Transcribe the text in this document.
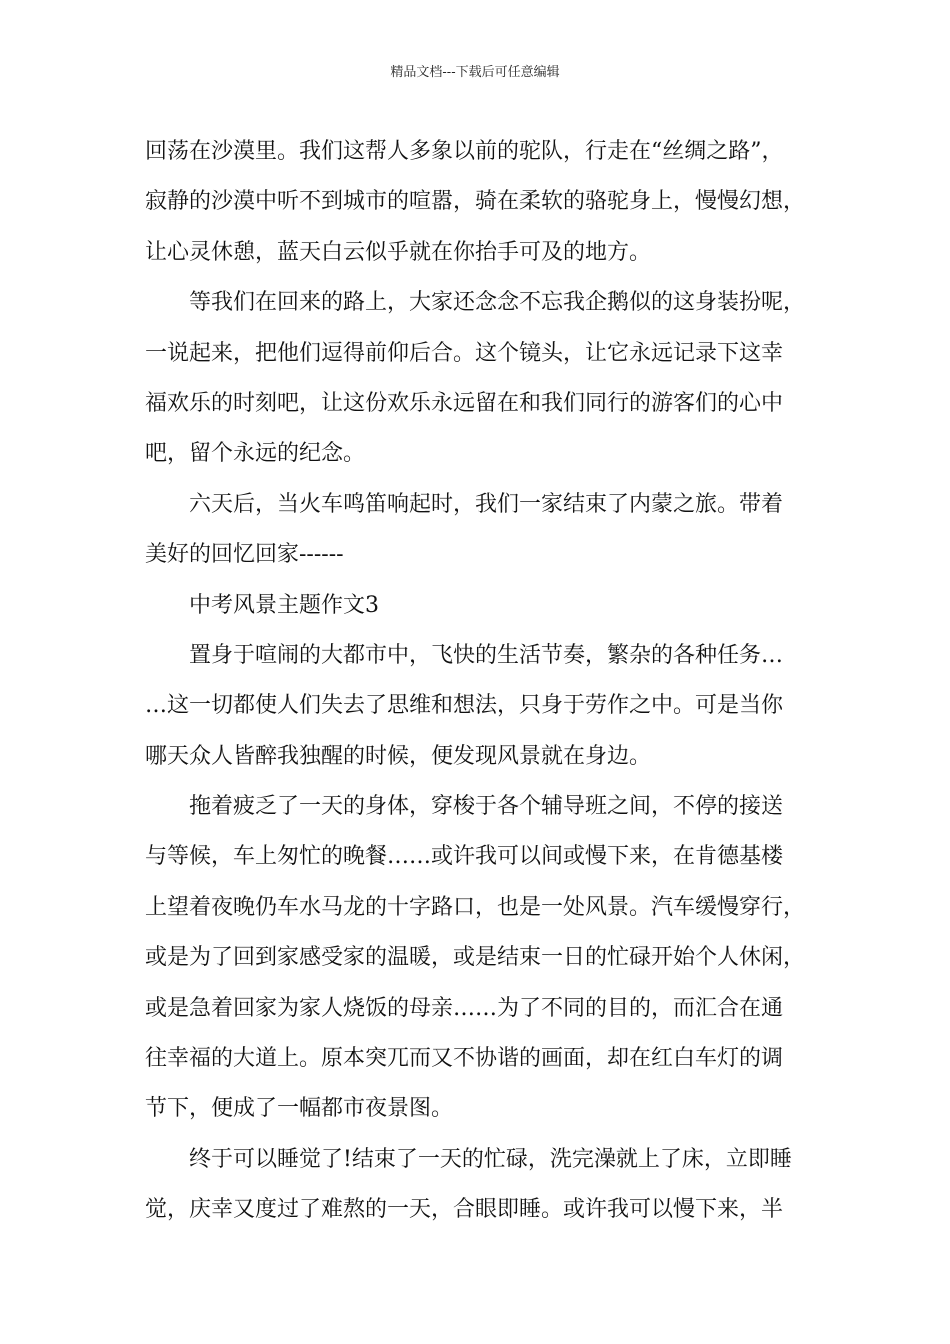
精品文档---下载后可任意编辑
回荡在沙漠里。我们这帮人多象以前的驼队，行走在“丝绸之路”，
寂静的沙漠中听不到城市的喧嚣，骑在柔软的骆驼身上，慢慢幻想，
让心灵休憩，蓝天白云似乎就在你抬手可及的地方。
　　等我们在回来的路上，大家还念念不忘我企鹅似的这身装扮呢，
一说起来，把他们逗得前仰后合。这个镜头，让它永远记录下这幸
福欢乐的时刻吧，让这份欢乐永远留在和我们同行的游客们的心中
吧，留个永远的纪念。
　　六天后，当火车鸣笛响起时，我们一家结束了内蒙之旅。带着
美好的回忆回家------
　　中考风景主题作文3
　　置身于喧闹的大都市中，飞快的生活节奏，繁杂的各种任务…
…这一切都使人们失去了思维和想法，只身于劳作之中。可是当你
哪天众人皆醉我独醒的时候，便发现风景就在身边。
　　拖着疲乏了一天的身体，穿梭于各个辅导班之间，不停的接送
与等候，车上匆忙的晚餐……或许我可以间或慢下来，在肯德基楼
上望着夜晚仍车水马龙的十字路口，也是一处风景。汽车缓慢穿行，
或是为了回到家感受家的温暖，或是结束一日的忙碌开始个人休闲，
或是急着回家为家人烧饭的母亲……为了不同的目的，而汇合在通
往幸福的大道上。原本突兀而又不协谐的画面，却在红白车灯的调
节下，便成了一幅都市夜景图。
　　终于可以睡觉了!结束了一天的忙碌，洗完澡就上了床，立即睡
觉，庆幸又度过了难熬的一天，合眼即睡。或许我可以慢下来，半
